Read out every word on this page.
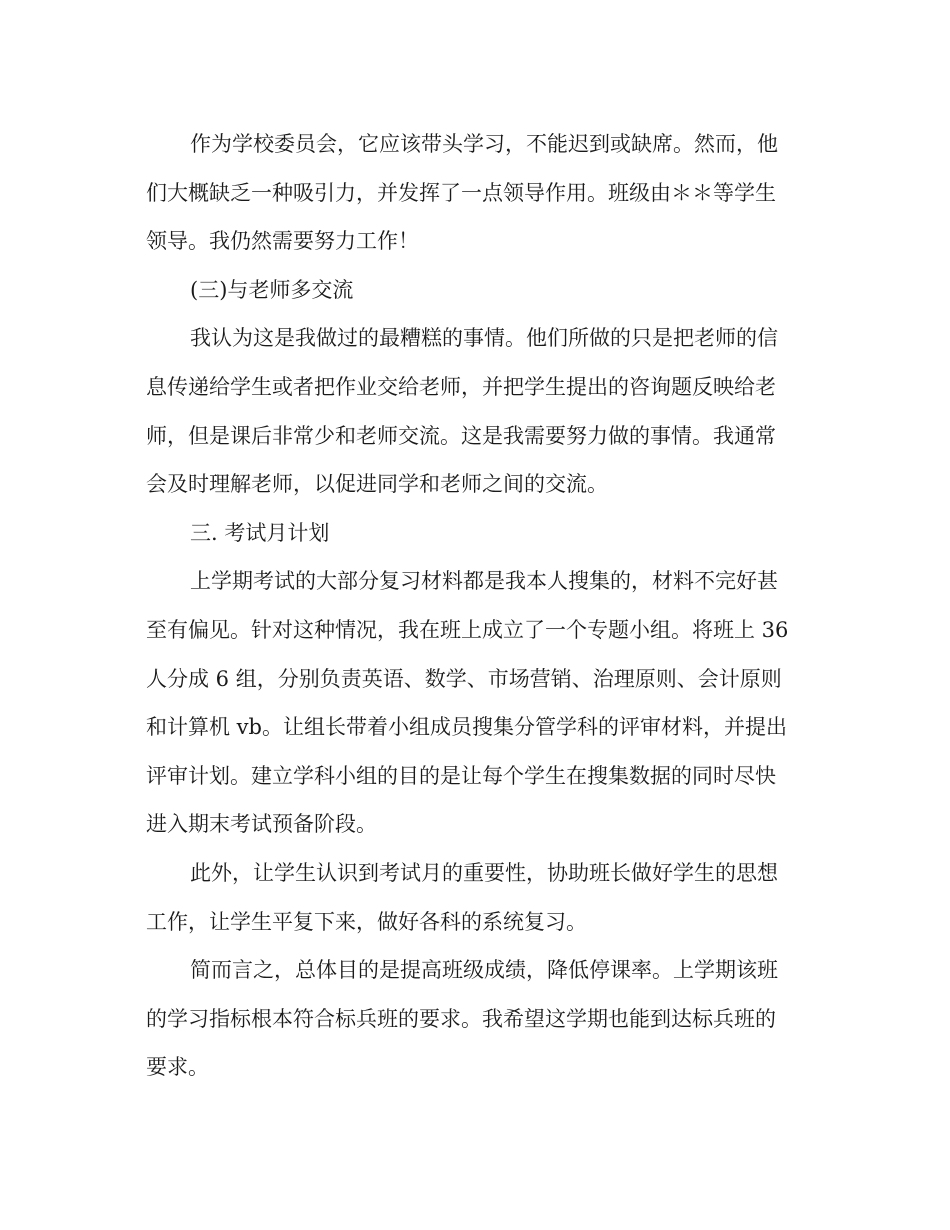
作为学校委员会，它应该带头学习，不能迟到或缺席。然而，他
们大概缺乏一种吸引力，并发挥了一点领导作用。班级由＊＊等学生
领导。我仍然需要努力工作！
(三)与老师多交流
我认为这是我做过的最糟糕的事情。他们所做的只是把老师的信
息传递给学生或者把作业交给老师，并把学生提出的咨询题反映给老
师，但是课后非常少和老师交流。这是我需要努力做的事情。我通常
会及时理解老师，以促进同学和老师之间的交流。
三. 考试月计划
上学期考试的大部分复习材料都是我本人搜集的，材料不完好甚
至有偏见。针对这种情况，我在班上成立了一个专题小组。将班上 36
人分成 6 组，分别负责英语、数学、市场营销、治理原则、会计原则
和计算机 vb。让组长带着小组成员搜集分管学科的评审材料，并提出
评审计划。建立学科小组的目的是让每个学生在搜集数据的同时尽快
进入期末考试预备阶段。
此外，让学生认识到考试月的重要性，协助班长做好学生的思想
工作，让学生平复下来，做好各科的系统复习。
简而言之，总体目的是提高班级成绩，降低停课率。上学期该班
的学习指标根本符合标兵班的要求。我希望这学期也能到达标兵班的
要求。
